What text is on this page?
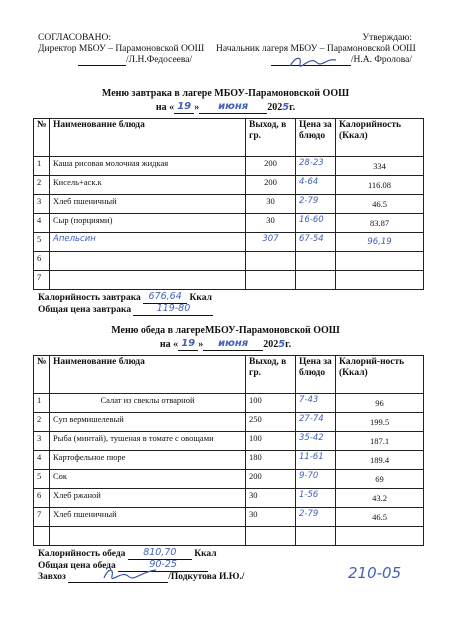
СОГЛАСОВАНО:
Директор МБОУ – Парамоновской ООШ
/Л.Н.Федосеева/
Утверждаю:
Начальник лагеря МБОУ – Парамоновской ООШ
/Н.А. Фролова/
Меню завтрака в лагере МБОУ-Парамоновской ООШ
на « 19 » июня 2025г.
№	Наименование блюда	Выход, в гр.	Цена за блюдо	Калорийность (Ккал)
1	Каша рисовая молочная жидкая	200	28-23	334
2	Кисель+аск.к	200	4-64	116.08
3	Хлеб пшеничный	30	2-79	46.5
4	Сыр (порциями)	30	16-60	83.87
5	Апельсин	307	67-54	96,19
6				
7				
Калорийность завтрака 676,64 Ккал
Общая цена завтрака	119-80
Меню обеда в лагереМБОУ-Парамоновской ООШ
на « 19 » июня 2025г.
№	Наименование блюда	Выход, в гр.	Цена за блюдо	Калорий-ность (Ккал)
1	Салат из свеклы отварной	100	7-43	96
2	Суп вермишелевый	250	27-74	199.5
3	Рыба (минтай), тушеная в томате с овощами	100	35-42	187.1
4	Картофельное пюре	180	11-61	189.4
5	Сок	200	9-70	69
6	Хлеб ржаной	30	1-56	43.2
7	Хлеб пшеничный	30	2-79	46.5

Калорийность обеда 810,70 Ккал
Общая цена обеда	90-25
Завхоз	/Подкутова И.Ю./	210-05
